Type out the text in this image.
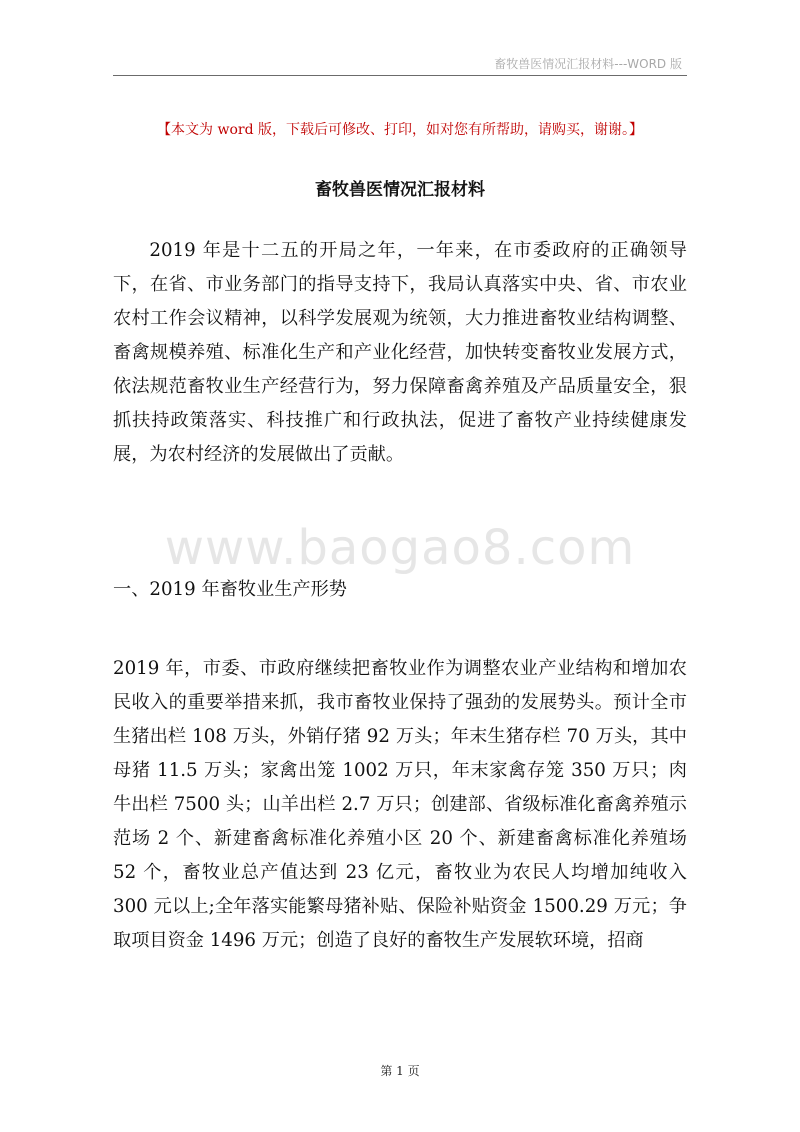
畜牧兽医情况汇报材料---WORD 版
【本文为 word 版，下载后可修改、打印，如对您有所帮助，请购买，谢谢。】
畜牧兽医情况汇报材料

2019 年是十二五的开局之年，一年来，在市委政府的正确领导下，在省、市业务部门的指导支持下，我局认真落实中央、省、市农业农村工作会议精神，以科学发展观为统领，大力推进畜牧业结构调整、畜禽规模养殖、标准化生产和产业化经营，加快转变畜牧业发展方式，依法规范畜牧业生产经营行为，努力保障畜禽养殖及产品质量安全，狠抓扶持政策落实、科技推广和行政执法，促进了畜牧产业持续健康发展，为农村经济的发展做出了贡献。

www.baogao8.com
一、2019 年畜牧业生产形势

2019 年，市委、市政府继续把畜牧业作为调整农业产业结构和增加农民收入的重要举措来抓，我市畜牧业保持了强劲的发展势头。预计全市生猪出栏 108 万头，外销仔猪 92 万头；年末生猪存栏 70 万头，其中母猪 11.5 万头；家禽出笼 1002 万只，年末家禽存笼 350 万只；肉牛出栏 7500 头；山羊出栏 2.7 万只；创建部、省级标准化畜禽养殖示范场 2 个、新建畜禽标准化养殖小区 20 个、新建畜禽标准化养殖场 52 个，畜牧业总产值达到 23 亿元，畜牧业为农民人均增加纯收入 300 元以上;全年落实能繁母猪补贴、保险补贴资金 1500.29 万元；争取项目资金 1496 万元；创造了良好的畜牧生产发展软环境，招商

第 1 页
